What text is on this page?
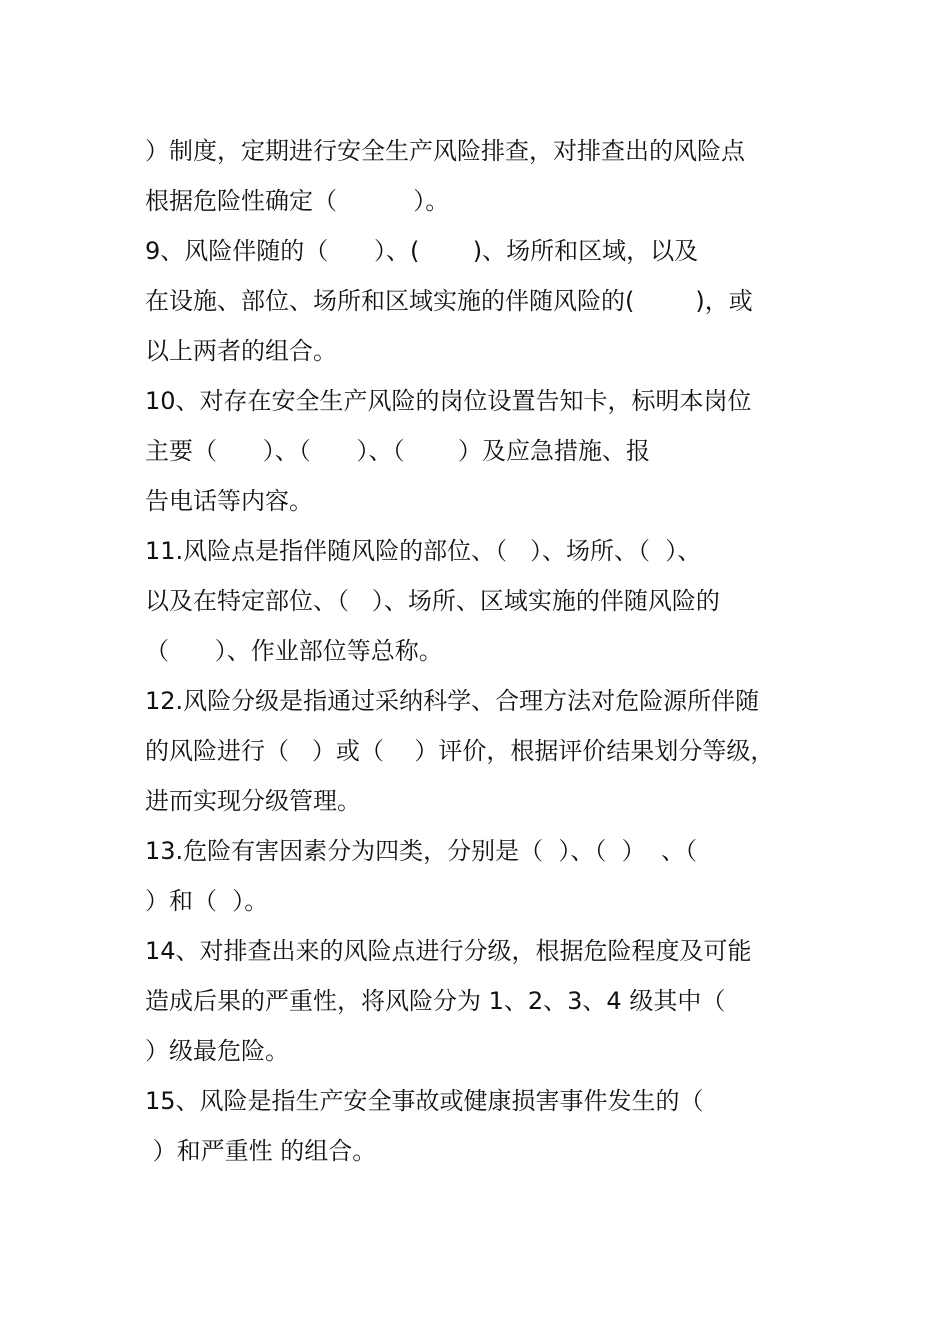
）制度，定期进行安全生产风险排查，对排查出的风险点
根据危险性确定（          ）。
9、风险伴随的（      ）、(       )、场所和区域，以及
在设施、部位、场所和区域实施的伴随风险的(        )，或
以上两者的组合。
10、对存在安全生产风险的岗位设置告知卡，标明本岗位
主要（      ）、（      ）、（       ）及应急措施、报
告电话等内容。
11.风险点是指伴随风险的部位、（   ）、场所、（  ）、
以及在特定部位、（   ）、场所、区域实施的伴随风险的
（      ）、作业部位等总称。
12.风险分级是指通过采纳科学、合理方法对危险源所伴随
的风险进行（   ）或（    ）评价，根据评价结果划分等级，
进而实现分级管理。
13.危险有害因素分为四类，分别是（  ）、（  ）  、（
）和（  ）。
14、对排查出来的风险点进行分级，根据危险程度及可能
造成后果的严重性，将风险分为 1、2、3、4 级其中（
）级最危险。
15、风险是指生产安全事故或健康损害事件发生的（
）和严重性 的组合。
